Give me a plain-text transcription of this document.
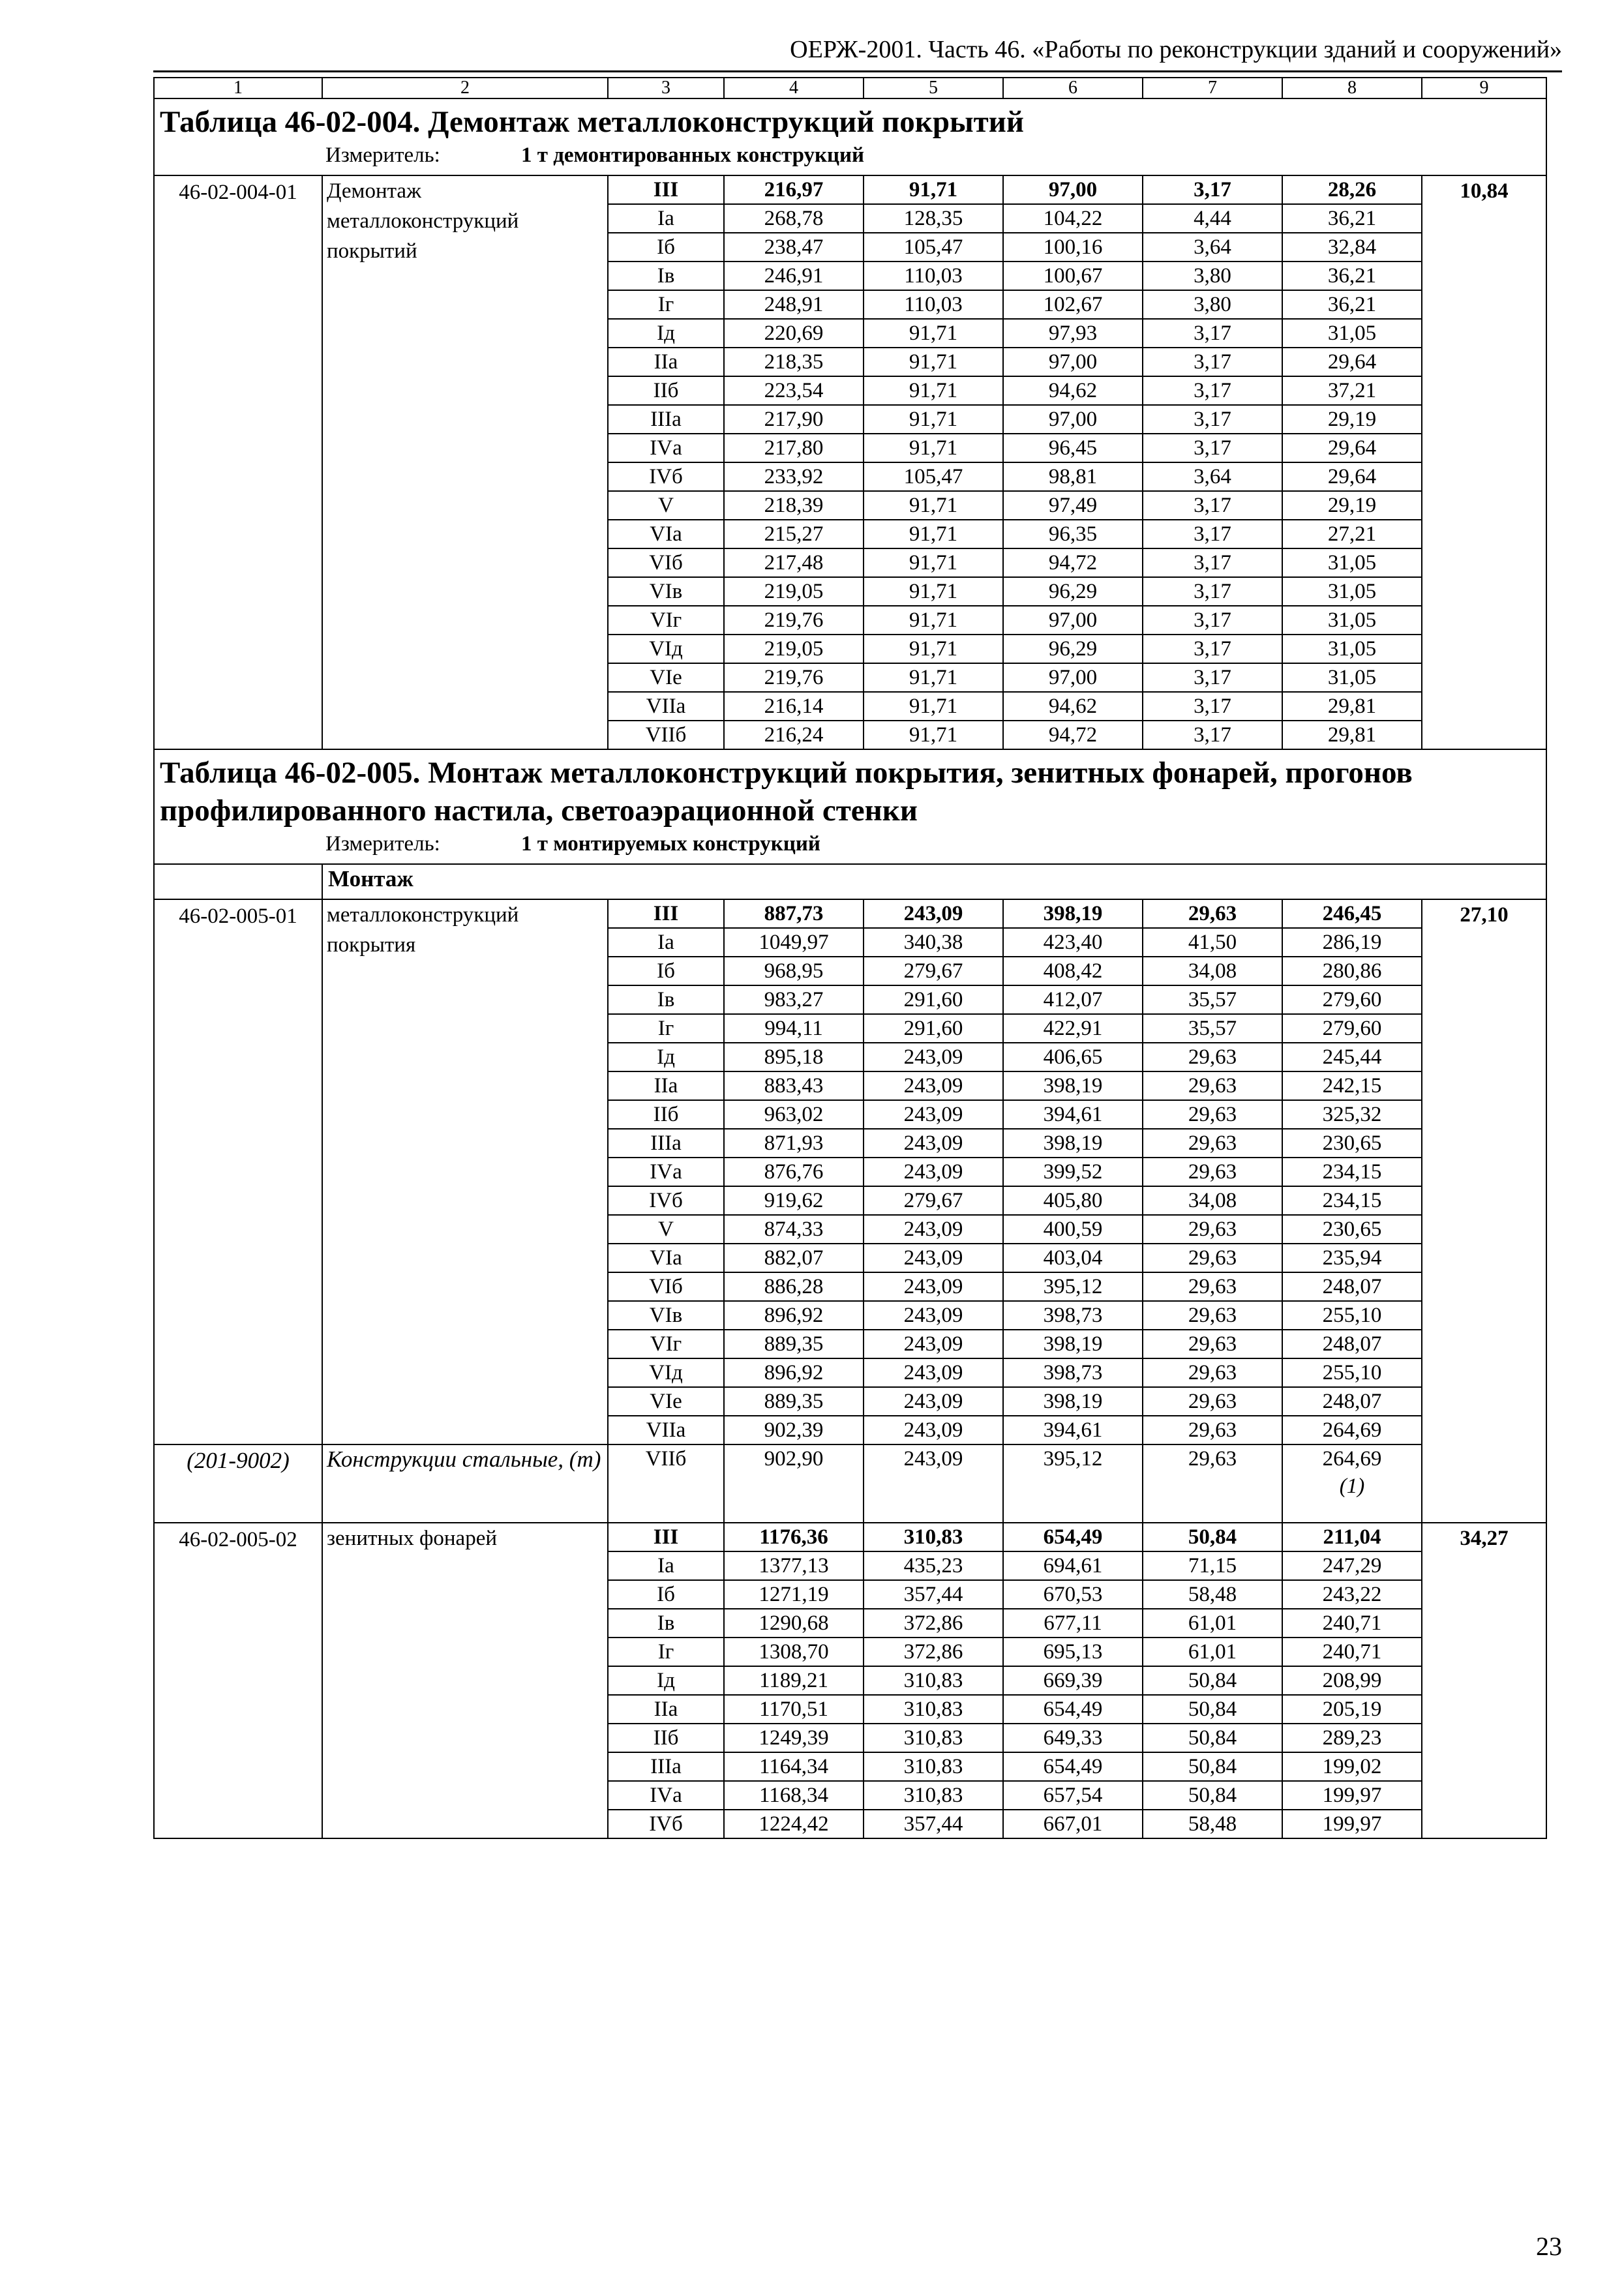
ОЕРЖ-2001. Часть 46. «Работы по реконструкции зданий и сооружений»
1	2	3	4	5	6	7	8	9
Таблица 46-02-004. Демонтаж металлоконструкций покрытий								
Измеритель: 1 т демонтированных конструкций								
46-02-004-01	Демонтаж металлоконструкций покрытий	III	216,97	91,71	97,00	3,17	28,26	10,84
		Iа	268,78	128,35	104,22	4,44	36,21	
		Iб	238,47	105,47	100,16	3,64	32,84	
		Iв	246,91	110,03	100,67	3,80	36,21	
		Iг	248,91	110,03	102,67	3,80	36,21	
		Iд	220,69	91,71	97,93	3,17	31,05	
		IIа	218,35	91,71	97,00	3,17	29,64	
		IIб	223,54	91,71	94,62	3,17	37,21	
		IIIа	217,90	91,71	97,00	3,17	29,19	
		IVа	217,80	91,71	96,45	3,17	29,64	
		IVб	233,92	105,47	98,81	3,64	29,64	
		V	218,39	91,71	97,49	3,17	29,19	
		VIа	215,27	91,71	96,35	3,17	27,21	
		VIб	217,48	91,71	94,72	3,17	31,05	
		VIв	219,05	91,71	96,29	3,17	31,05	
		VIг	219,76	91,71	97,00	3,17	31,05	
		VIд	219,05	91,71	96,29	3,17	31,05	
		VIе	219,76	91,71	97,00	3,17	31,05	
		VIIа	216,14	91,71	94,62	3,17	29,81	
		VIIб	216,24	91,71	94,72	3,17	29,81	
Таблица 46-02-005. Монтаж металлоконструкций покрытия, зенитных фонарей, прогонов профилированного настила, светоаэрационной стенки								
Измеритель: 1 т монтируемых конструкций								
	Монтаж							
46-02-005-01	металлоконструкций покрытия	III	887,73	243,09	398,19	29,63	246,45	27,10
		Iа	1049,97	340,38	423,40	41,50	286,19	
		Iб	968,95	279,67	408,42	34,08	280,86	
		Iв	983,27	291,60	412,07	35,57	279,60	
		Iг	994,11	291,60	422,91	35,57	279,60	
		Iд	895,18	243,09	406,65	29,63	245,44	
		IIа	883,43	243,09	398,19	29,63	242,15	
		IIб	963,02	243,09	394,61	29,63	325,32	
		IIIа	871,93	243,09	398,19	29,63	230,65	
		IVа	876,76	243,09	399,52	29,63	234,15	
		IVб	919,62	279,67	405,80	34,08	234,15	
		V	874,33	243,09	400,59	29,63	230,65	
		VIа	882,07	243,09	403,04	29,63	235,94	
		VIб	886,28	243,09	395,12	29,63	248,07	
		VIв	896,92	243,09	398,73	29,63	255,10	
		VIг	889,35	243,09	398,19	29,63	248,07	
		VIд	896,92	243,09	398,73	29,63	255,10	
		VIе	889,35	243,09	398,19	29,63	248,07	
		VIIа	902,39	243,09	394,61	29,63	264,69	
(201-9002)	Конструкции стальные, (т)	VIIб	902,90	243,09	395,12	29,63	264,69
(1)	

46-02-005-02	зенитных фонарей	III	1176,36	310,83	654,49	50,84	211,04	34,27
		Iа	1377,13	435,23	694,61	71,15	247,29	
		Iб	1271,19	357,44	670,53	58,48	243,22	
		Iв	1290,68	372,86	677,11	61,01	240,71	
		Iг	1308,70	372,86	695,13	61,01	240,71	
		Iд	1189,21	310,83	669,39	50,84	208,99	
		IIа	1170,51	310,83	654,49	50,84	205,19	
		IIб	1249,39	310,83	649,33	50,84	289,23	
		IIIа	1164,34	310,83	654,49	50,84	199,02	
		IVа	1168,34	310,83	657,54	50,84	199,97	
		IVб	1224,42	357,44	667,01	58,48	199,97	
23
